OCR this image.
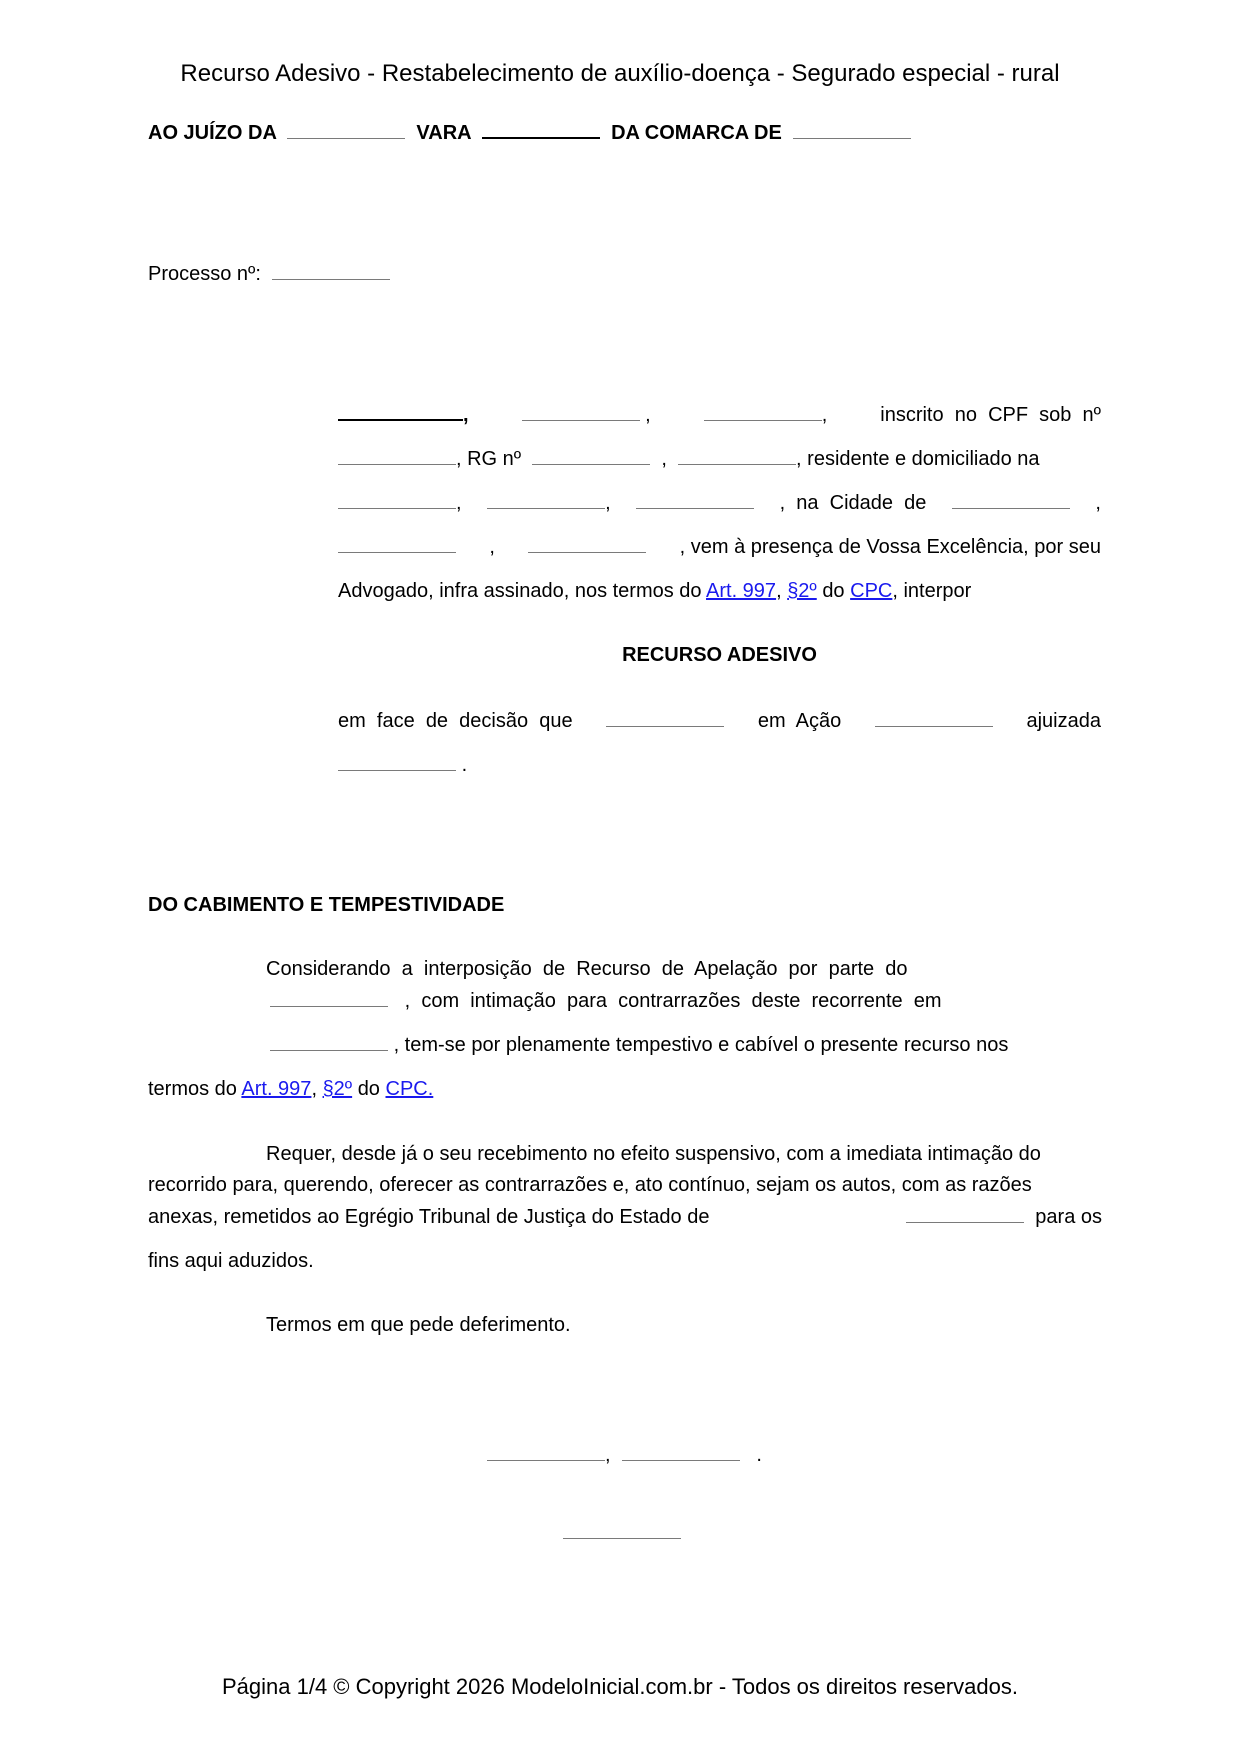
Recurso Adesivo - Restabelecimento de auxílio-doença - Segurado especial - rural
AO JUÍZO DA	VARA	DA COMARCA DE
Processo nº:
,	,	,	inscrito  no  CPF  sob  nº
, RG nº	,	, residente e domiciliado na
,	,	,  na  Cidade  de	,
,	, vem à presença de Vossa Excelência, por seu
Advogado, infra assinado, nos termos do Art. 997, §2º do CPC, interpor
RECURSO ADESIVO
em  face  de  decisão  que	em  Ação	ajuizada
.
DO CABIMENTO E TEMPESTIVIDADE
Considerando  a  interposição  de  Recurso  de  Apelação  por  parte  do
,  com  intimação  para  contrarrazões  deste  recorrente  em
, tem-se por plenamente tempestivo e cabível o presente recurso nos
termos do Art. 997, §2º do CPC.
Requer, desde já o seu recebimento no efeito suspensivo, com a imediata intimação do
recorrido para, querendo, oferecer as contrarrazões e, ato contínuo, sejam os autos, com as razões
anexas, remetidos ao Egrégio Tribunal de Justiça do Estado de
	para os
fins aqui aduzidos.
Termos em que pede deferimento.
,	.
Página 1/4 © Copyright 2026 ModeloInicial.com.br - Todos os direitos reservados.
